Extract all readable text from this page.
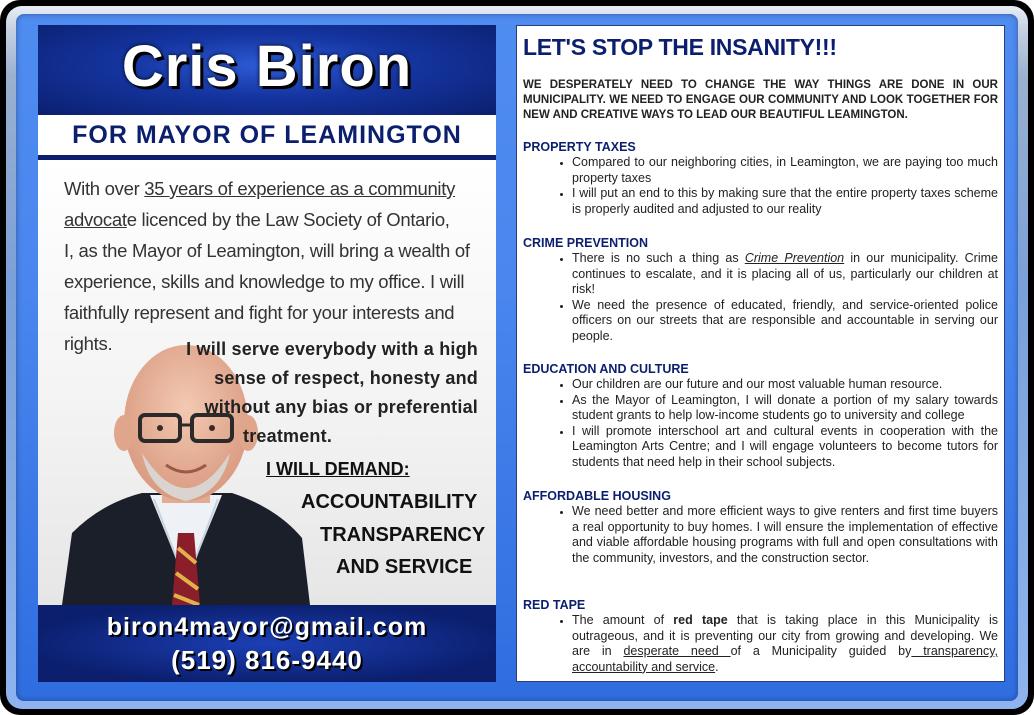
Cris Biron
FOR MAYOR OF LEAMINGTON
With over 35 years of experience as a community
advocate licenced by the Law Society of Ontario,
I, as the Mayor of Leamington, will bring a wealth of
experience, skills and knowledge to my office. I will
faithfully represent and fight for your interests and rights.	I will serve everybody with a high
sense of respect, honesty and
without any bias or preferential
treatment.
I WILL DEMAND:
ACCOUNTABILITY
TRANSPARENCY
AND SERVICE
biron4mayor@gmail.com
(519) 816-9440
LET'S STOP THE INSANITY!!!
WE DESPERATELY NEED TO CHANGE THE WAY THINGS ARE DONE IN OUR MUNICIPALITY. WE NEED TO ENGAGE OUR COMMUNITY AND LOOK TOGETHER FOR NEW AND CREATIVE WAYS TO LEAD OUR BEAUTIFUL LEAMINGTON.
PROPERTY TAXES
• Compared to our neighboring cities, in Leamington, we are paying too much property taxes
• I will put an end to this by making sure that the entire property taxes scheme is properly audited and adjusted to our reality
CRIME PREVENTION
• There is no such a thing as Crime Prevention in our municipality. Crime continues to escalate, and it is placing all of us, particularly our children at risk!
• We need the presence of educated, friendly, and service-oriented police officers on our streets that are responsible and accountable in serving our people.
EDUCATION AND CULTURE
• Our children are our future and our most valuable human resource.
• As the Mayor of Leamington, I will donate a portion of my salary towards student grants to help low-income students go to university and college
• I will promote interschool art and cultural events in cooperation with the Leamington Arts Centre; and I will engage volunteers to become tutors for students that need help in their school subjects.
AFFORDABLE HOUSING
• We need better and more efficient ways to give renters and first time buyers a real opportunity to buy homes. I will ensure the implementation of effective and viable affordable housing programs with full and open consultations with the community, investors, and the construction sector.
RED TAPE
• The amount of red tape that is taking place in this Municipality is outrageous, and it is preventing our city from growing and developing. We are in desperate need of a Municipality guided by transparency, accountability and service.
